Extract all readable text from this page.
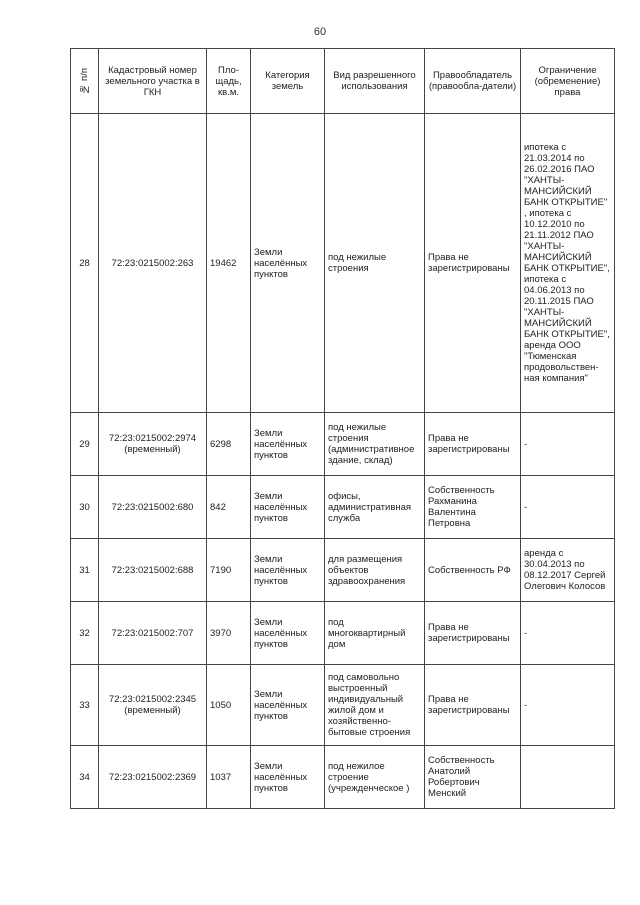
60
№ п/п	Кадастровый номер земельного участка в ГКН	Пло-щадь, кв.м.	Категория земель	Вид разрешенного использования	Правообладатель (правообла-датели)	Ограничение (обременение) права
28	72:23:0215002:263	19462	Земли населённых пунктов	под нежилые строения	Права не зарегистрированы	ипотека с 21.03.2014 по 26.02.2016 ПАО "ХАНТЫ-МАНСИЙСКИЙ БАНК ОТКРЫТИЕ" , ипотека с 10.12.2010 по 21.11.2012 ПАО "ХАНТЫ-МАНСИЙСКИЙ БАНК ОТКРЫТИЕ", ипотека с 04.06.2013 по 20.11.2015 ПАО "ХАНТЫ-МАНСИЙСКИЙ БАНК ОТКРЫТИЕ", аренда ООО "Тюменская продовольствен-ная компания"
29	72:23:0215002:2974 (временный)	6298	Земли населённых пунктов	под нежилые строения (административное здание, склад)	Права не зарегистрированы	-
30	72:23:0215002:680	842	Земли населённых пунктов	офисы, административная служба	Собственность Рахманина Валентина Петровна	-
31	72:23:0215002:688	7190	Земли населённых пунктов	для размещения объектов здравоохранения	Собственность РФ	аренда с 30.04.2013 по 08.12.2017 Сергей Олегович Колосов
32	72:23:0215002:707	3970	Земли населённых пунктов	под многоквартирный дом	Права не зарегистрированы	-
33	72:23:0215002:2345 (временный)	1050	Земли населённых пунктов	под самовольно выстроенный индивидуальный жилой дом и хозяйственно-бытовые строения	Права не зарегистрированы	-
34	72:23:0215002:2369	1037	Земли населённых пунктов	под нежилое строение (учрежденческое )	Собственность Анатолий Робертович Менский	
